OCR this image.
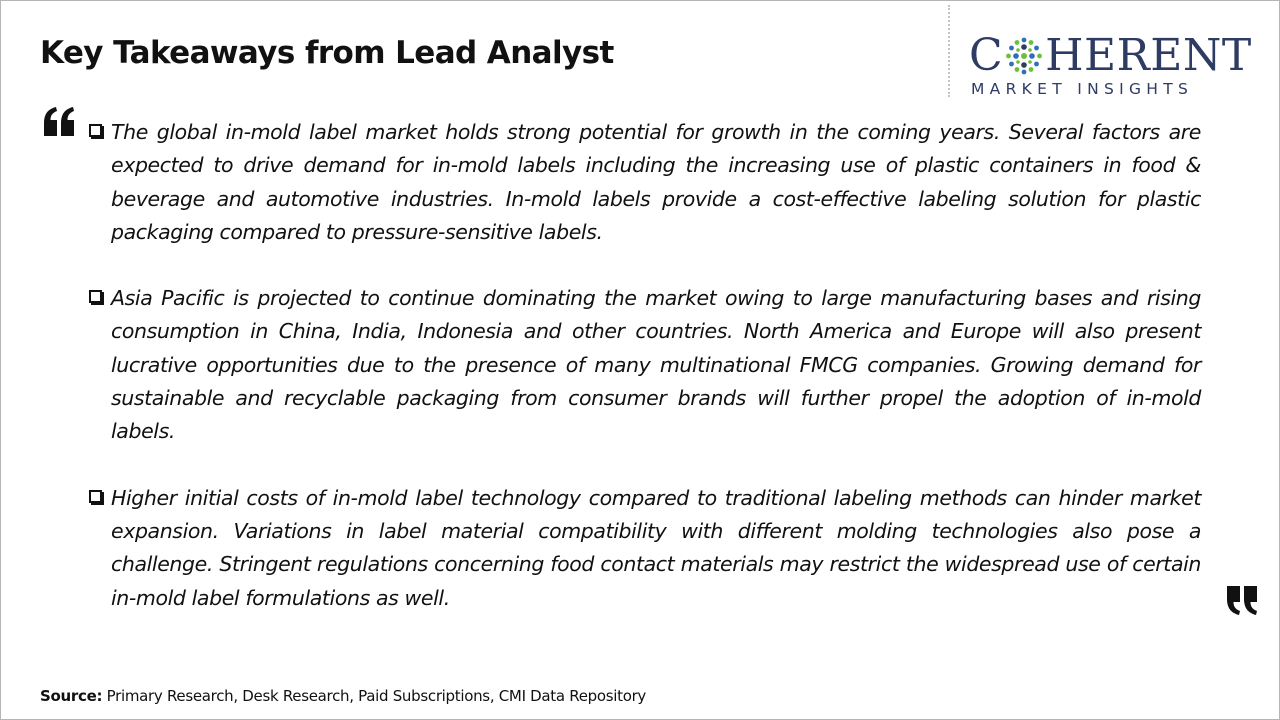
Key Takeaways from Lead Analyst	C HERENT
MARKET INSIGHTS

The global in-mold label market holds strong potential for growth in the coming years. Several factors are expected to drive demand for in-mold labels including the increasing use of plastic containers in food & beverage and automotive industries. In-mold labels provide a cost-effective labeling solution for plastic packaging compared to pressure-sensitive labels.

Asia Pacific is projected to continue dominating the market owing to large manufacturing bases and rising consumption in China, India, Indonesia and other countries. North America and Europe will also present lucrative opportunities due to the presence of many multinational FMCG companies. Growing demand for sustainable and recyclable packaging from consumer brands will further propel the adoption of in-mold labels.

Higher initial costs of in-mold label technology compared to traditional labeling methods can hinder market expansion. Variations in label material compatibility with different molding technologies also pose a challenge. Stringent regulations concerning food contact materials may restrict the widespread use of certain in-mold label formulations as well.

Source: Primary Research, Desk Research, Paid Subscriptions, CMI Data Repository
